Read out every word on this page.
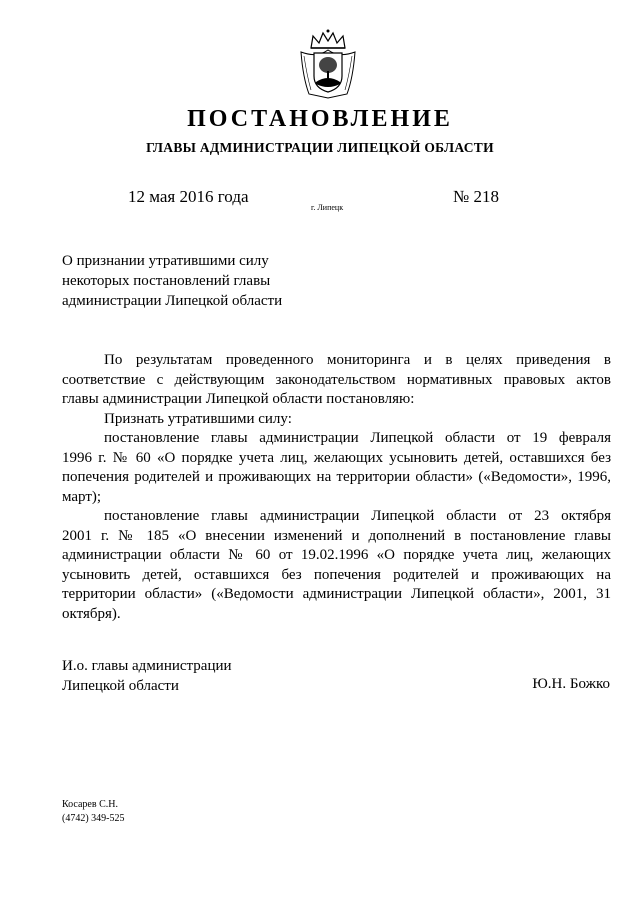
ПОСТАНОВЛЕНИЕ
ГЛАВЫ АДМИНИСТРАЦИИ ЛИПЕЦКОЙ ОБЛАСТИ
12 мая 2016 года
г. Липецк
№ 218
О признании утратившими силу
некоторых постановлений главы
администрации Липецкой области
По результатам проведенного мониторинга и в целях приведения в
соответствие с действующим законодательством нормативных правовых актов
главы администрации Липецкой области постановляю:
Признать утратившими силу:
постановление главы администрации Липецкой области от 19 февраля
1996 г. № 60 «О порядке учета лиц, желающих усыновить детей, оставшихся без
попечения родителей и проживающих на территории области» («Ведомости», 1996,
март);
постановление главы администрации Липецкой области от 23 октября
2001 г. № 185 «О внесении изменений и дополнений в постановление главы
администрации области № 60 от 19.02.1996 «О порядке учета лиц, желающих
усыновить детей, оставшихся без попечения родителей и проживающих на
территории области» («Ведомости администрации Липецкой области», 2001, 31
октября).
И.о. главы администрации
Липецкой области	Ю.Н. Божко
Косарев С.Н.
(4742) 349-525
